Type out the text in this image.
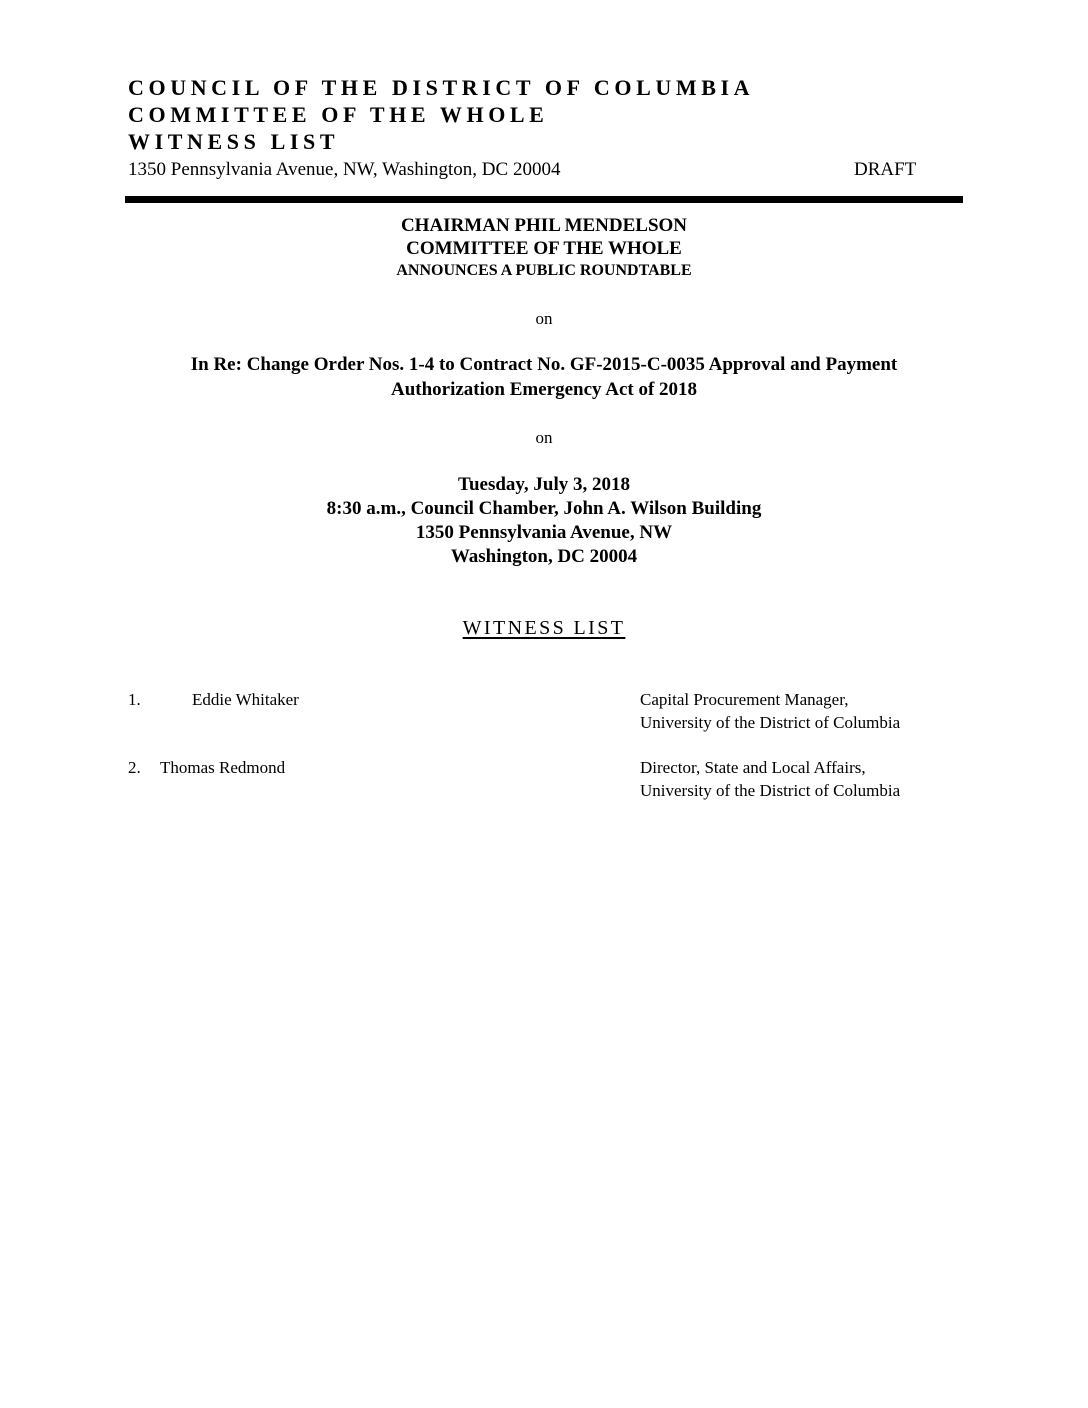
COUNCIL OF THE DISTRICT OF COLUMBIA
COMMITTEE OF THE WHOLE
WITNESS LIST
1350 Pennsylvania Avenue, NW, Washington, DC 20004	DRAFT
CHAIRMAN PHIL MENDELSON
COMMITTEE OF THE WHOLE
ANNOUNCES A PUBLIC ROUNDTABLE
on
In Re: Change Order Nos. 1-4 to Contract No. GF-2015-C-0035 Approval and Payment
Authorization Emergency Act of 2018
on
Tuesday, July 3, 2018
8:30 a.m., Council Chamber, John A. Wilson Building
1350 Pennsylvania Avenue, NW
Washington, DC 20004
WITNESS LIST
1.	Eddie Whitaker	Capital Procurement Manager,
University of the District of Columbia
2. Thomas Redmond	Director, State and Local Affairs,
University of the District of Columbia
